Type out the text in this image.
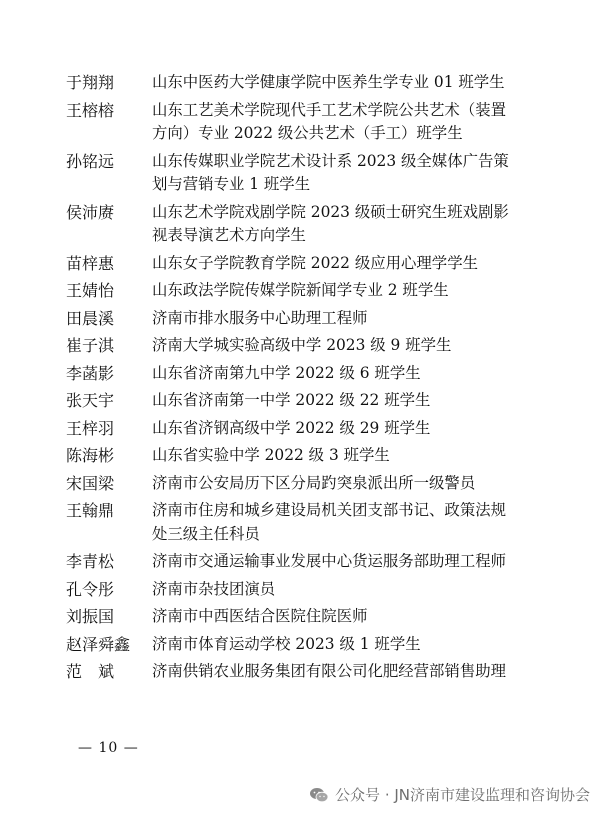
于翔翔	山东中医药大学健康学院中医养生学专业 01 班学生
王榕榕	山东工艺美术学院现代手工艺术学院公共艺术（装置
方向）专业 2022 级公共艺术（手工）班学生
孙铭远	山东传媒职业学院艺术设计系 2023 级全媒体广告策
划与营销专业 1 班学生
侯沛赓	山东艺术学院戏剧学院 2023 级硕士研究生班戏剧影
视表导演艺术方向学生
苗梓惠	山东女子学院教育学院 2022 级应用心理学学生
王婧怡	山东政法学院传媒学院新闻学专业 2 班学生
田晨溪	济南市排水服务中心助理工程师
崔子淇	济南大学城实验高级中学 2023 级 9 班学生
李菡影	山东省济南第九中学 2022 级 6 班学生
张天宇	山东省济南第一中学 2022 级 22 班学生
王梓羽	山东省济钢高级中学 2022 级 29 班学生
陈海彬	山东省实验中学 2022 级 3 班学生
宋国梁	济南市公安局历下区分局趵突泉派出所一级警员
王翰鼎	济南市住房和城乡建设局机关团支部书记、政策法规
处三级主任科员
李青松	济南市交通运输事业发展中心货运服务部助理工程师
孔令彤	济南市杂技团演员
刘振国	济南市中西医结合医院住院医师
赵泽舜鑫	济南市体育运动学校 2023 级 1 班学生
范　斌	济南供销农业服务集团有限公司化肥经营部销售助理
— 10 —
公众号 · JN济南市建设监理和咨询协会
